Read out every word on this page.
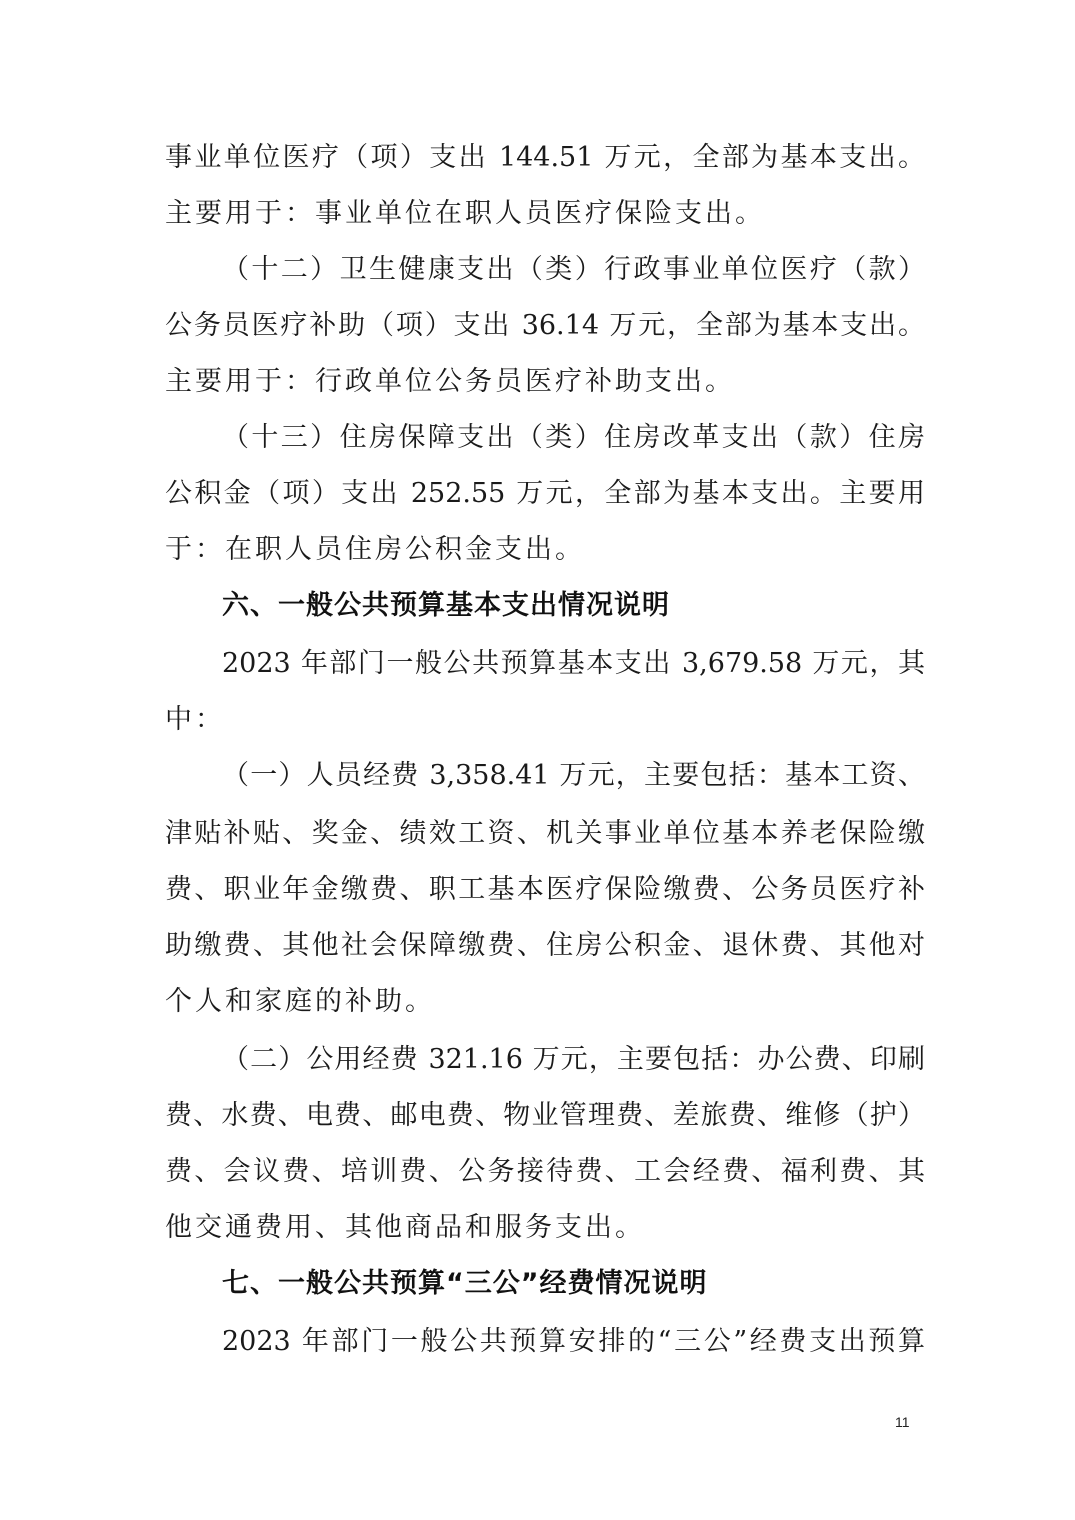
事业单位医疗（项）支出 144.51 万元，全部为基本支出。
主要用于：事业单位在职人员医疗保险支出。
（十二）卫生健康支出（类）行政事业单位医疗（款）
公务员医疗补助（项）支出 36.14 万元，全部为基本支出。
主要用于：行政单位公务员医疗补助支出。
（十三）住房保障支出（类）住房改革支出（款）住房
公积金（项）支出 252.55 万元，全部为基本支出。主要用
于：在职人员住房公积金支出。
六、一般公共预算基本支出情况说明
2023 年部门一般公共预算基本支出 3,679.58 万元，其
中：
（一）人员经费 3,358.41 万元，主要包括：基本工资、
津贴补贴、奖金、绩效工资、机关事业单位基本养老保险缴
费、职业年金缴费、职工基本医疗保险缴费、公务员医疗补
助缴费、其他社会保障缴费、住房公积金、退休费、其他对
个人和家庭的补助。
（二）公用经费 321.16 万元，主要包括：办公费、印刷
费、水费、电费、邮电费、物业管理费、差旅费、维修（护）
费、会议费、培训费、公务接待费、工会经费、福利费、其
他交通费用、其他商品和服务支出。
七、一般公共预算“三公”经费情况说明
2023 年部门一般公共预算安排的“三公”经费支出预算
11
